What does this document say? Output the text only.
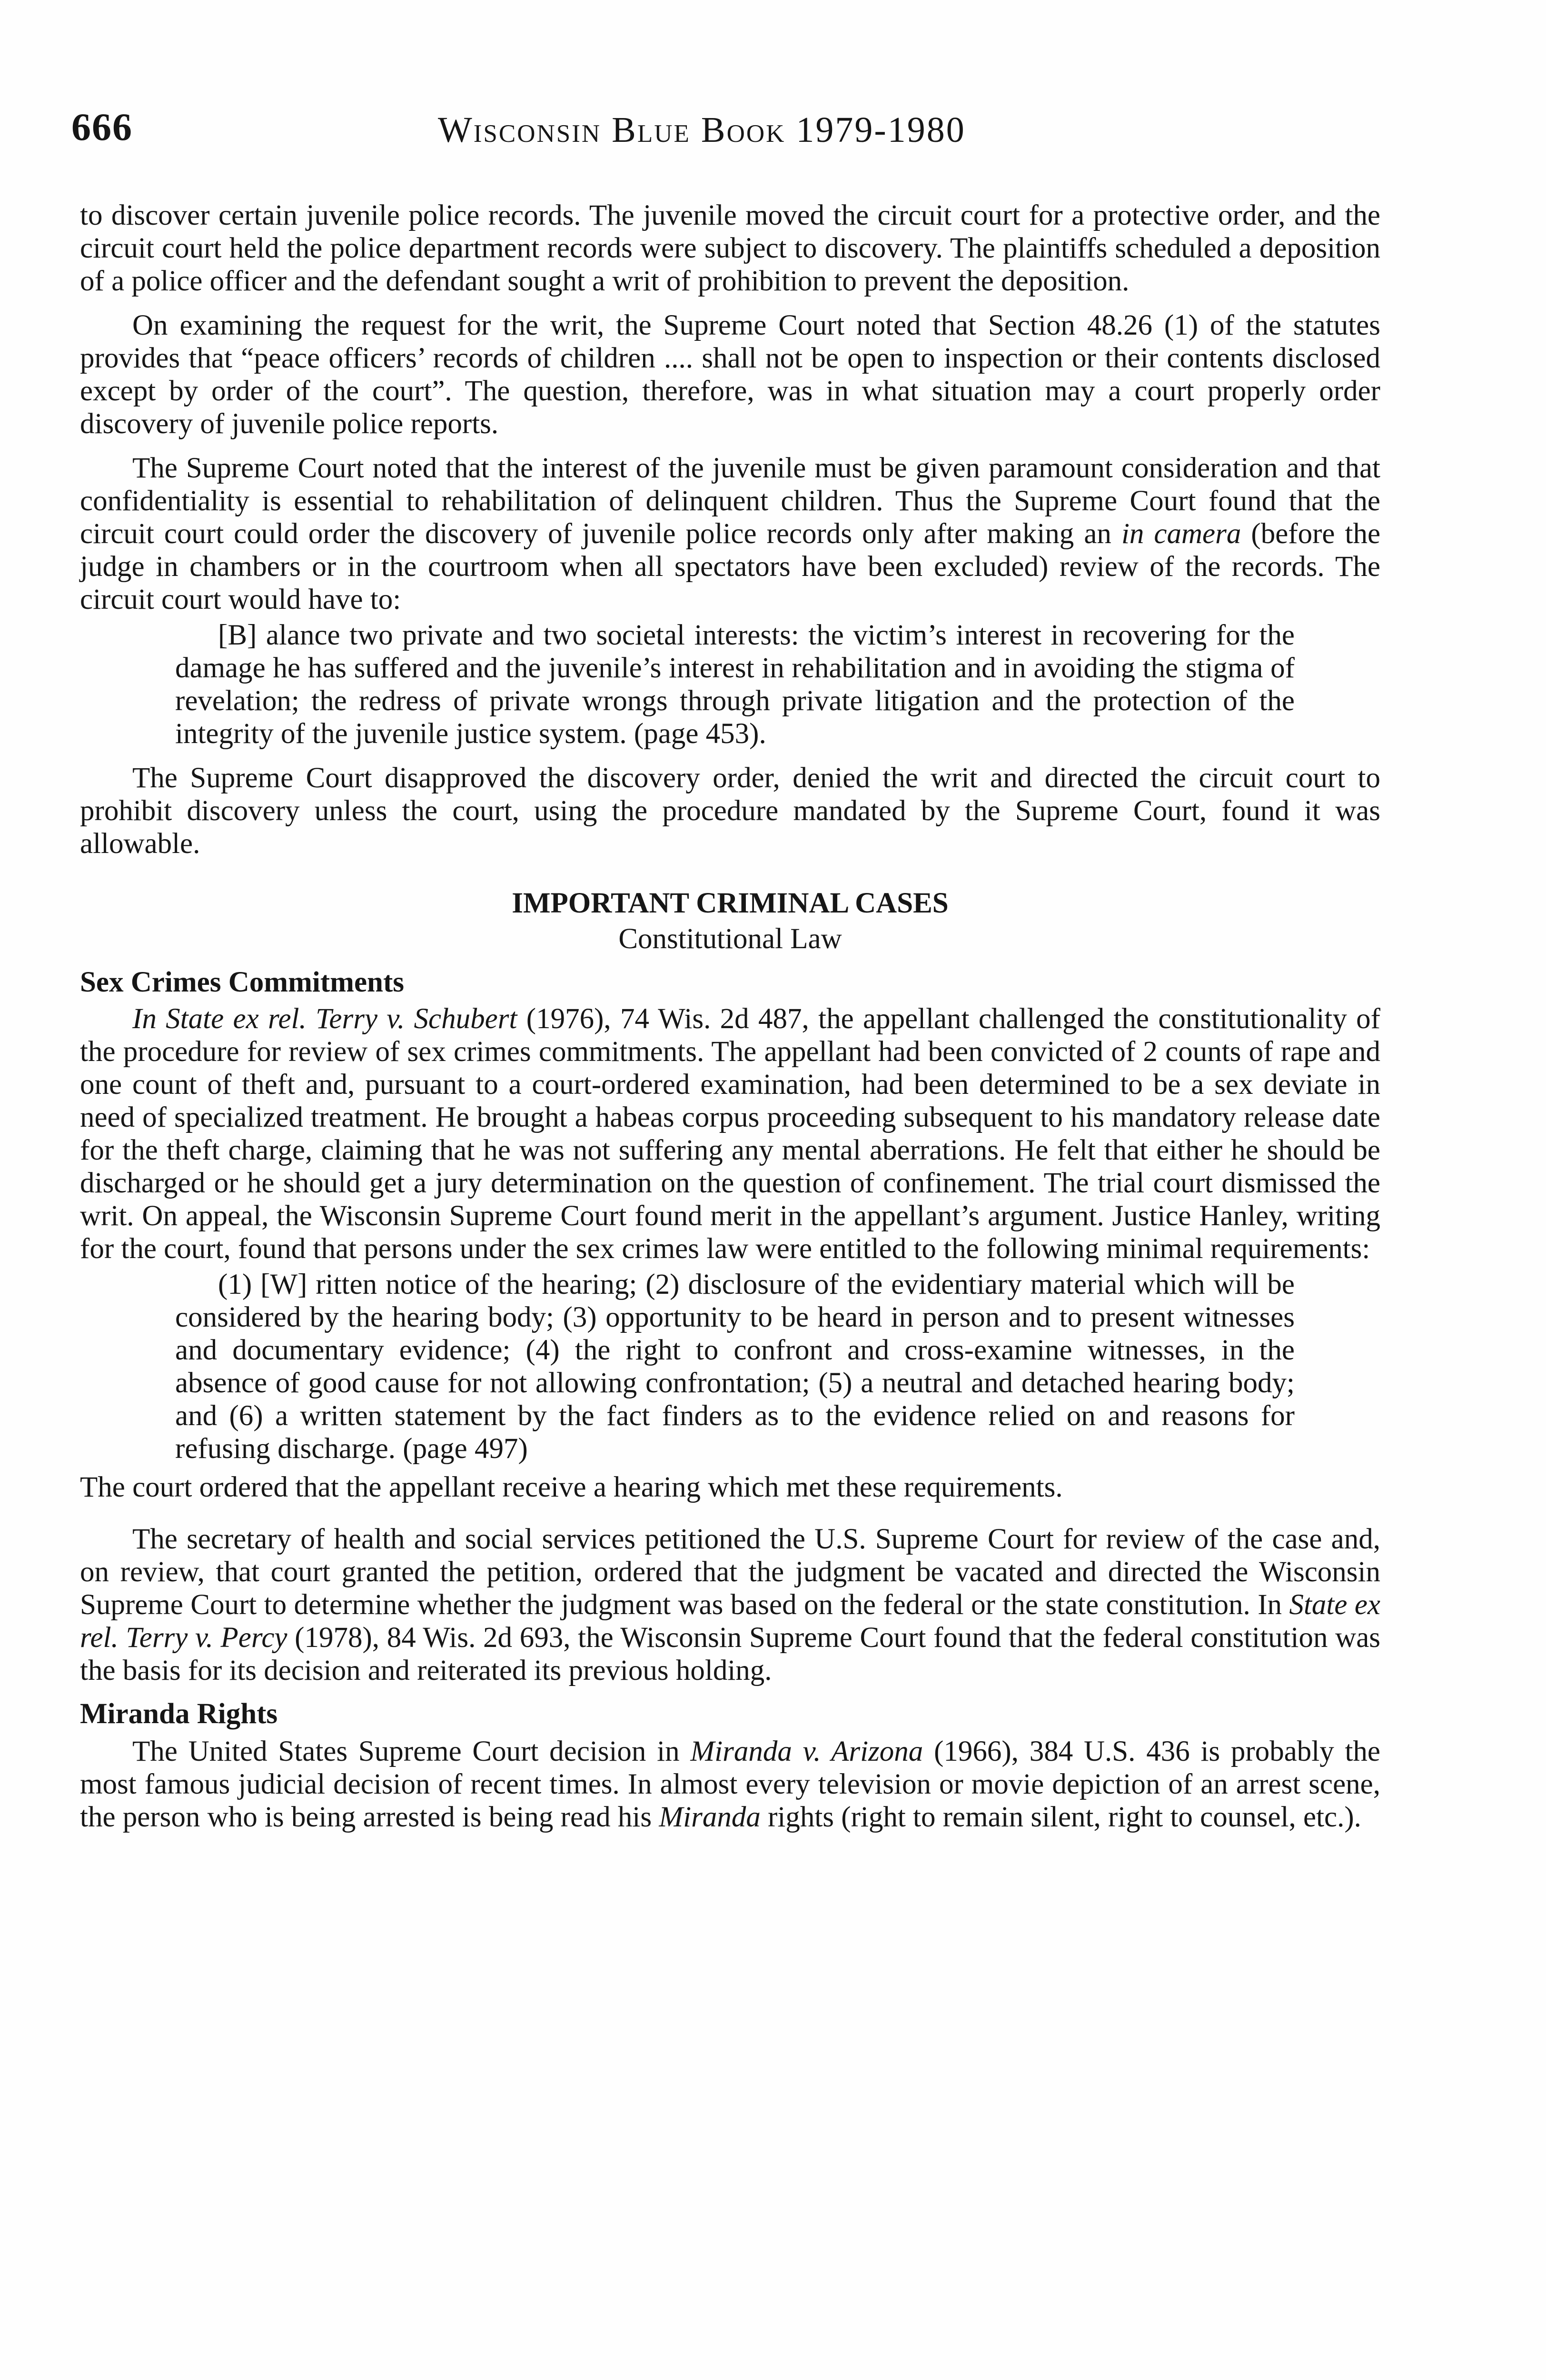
666	Wisconsin Blue Book 1979-1980

to discover certain juvenile police records. The juvenile moved the circuit court for a protective order, and the circuit court held the police department records were subject to discovery. The plaintiffs scheduled a deposition of a police officer and the defendant sought a writ of prohibition to prevent the deposition.

On examining the request for the writ, the Supreme Court noted that Section 48.26 (1) of the statutes provides that “peace officers’ records of children .... shall not be open to inspection or their contents disclosed except by order of the court”. The question, therefore, was in what situation may a court properly order discovery of juvenile police reports.

The Supreme Court noted that the interest of the juvenile must be given paramount consideration and that confidentiality is essential to rehabilitation of delinquent children. Thus the Supreme Court found that the circuit court could order the discovery of juvenile police records only after making an in camera (before the judge in chambers or in the courtroom when all spectators have been excluded) review of the records. The circuit court would have to:

[B] alance two private and two societal interests: the victim’s interest in recovering for the damage he has suffered and the juvenile’s interest in rehabilitation and in avoiding the stigma of revelation; the redress of private wrongs through private litigation and the protection of the integrity of the juvenile justice system. (page 453).

The Supreme Court disapproved the discovery order, denied the writ and directed the circuit court to prohibit discovery unless the court, using the procedure mandated by the Supreme Court, found it was allowable.

IMPORTANT CRIMINAL CASES

Constitutional Law

Sex Crimes Commitments

In State ex rel. Terry v. Schubert (1976), 74 Wis. 2d 487, the appellant challenged the constitutionality of the procedure for review of sex crimes commitments. The appellant had been convicted of 2 counts of rape and one count of theft and, pursuant to a court-ordered examination, had been determined to be a sex deviate in need of specialized treatment. He brought a habeas corpus proceeding subsequent to his mandatory release date for the theft charge, claiming that he was not suffering any mental aberrations. He felt that either he should be discharged or he should get a jury determination on the question of confinement. The trial court dismissed the writ. On appeal, the Wisconsin Supreme Court found merit in the appellant’s argument. Justice Hanley, writing for the court, found that persons under the sex crimes law were entitled to the following minimal requirements:

(1) [W] ritten notice of the hearing; (2) disclosure of the evidentiary material which will be considered by the hearing body; (3) opportunity to be heard in person and to present witnesses and documentary evidence; (4) the right to confront and cross-examine witnesses, in the absence of good cause for not allowing confrontation; (5) a neutral and detached hearing body; and (6) a written statement by the fact finders as to the evidence relied on and reasons for refusing discharge. (page 497)

The court ordered that the appellant receive a hearing which met these requirements.

The secretary of health and social services petitioned the U.S. Supreme Court for review of the case and, on review, that court granted the petition, ordered that the judgment be vacated and directed the Wisconsin Supreme Court to determine whether the judgment was based on the federal or the state constitution. In State ex rel. Terry v. Percy (1978), 84 Wis. 2d 693, the Wisconsin Supreme Court found that the federal constitution was the basis for its decision and reiterated its previous holding.

Miranda Rights

The United States Supreme Court decision in Miranda v. Arizona (1966), 384 U.S. 436 is probably the most famous judicial decision of recent times. In almost every television or movie depiction of an arrest scene, the person who is being arrested is being read his Miranda rights (right to remain silent, right to counsel, etc.).
